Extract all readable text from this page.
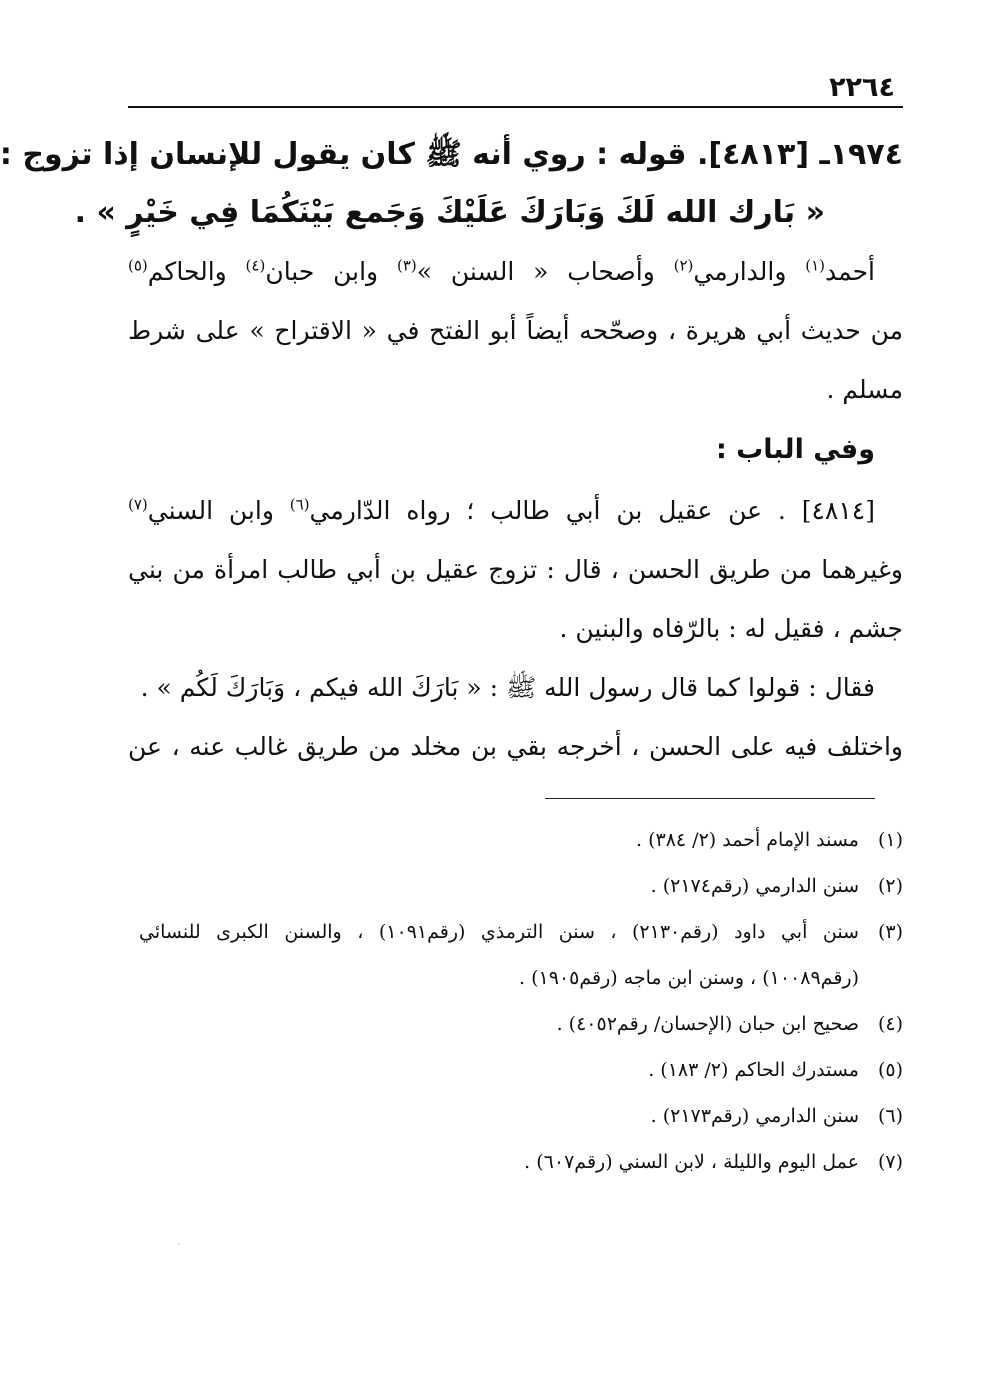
٢٢٦٤
١٩٧٤ـ [٤٨١٣]. قوله : روي أنه ﷺ كان يقول للإنسان إذا تزوج :
« بَارك الله لَكَ وَبَارَكَ عَلَيْكَ وَجَمع بَيْنَكُمَا فِي خَيْرٍ » .
أحمد$^{(١)}$ والدارمي$^{(٢)}$ وأصحاب « السنن »$^{(٣)}$ وابن حبان$^{(٤)}$ والحاكم$^{(٥)}$
من حديث أبي هريرة ، وصحّحه أيضاً أبو الفتح في « الاقتراح » على شرط
مسلم .
وفي الباب :
[٤٨١٤] . عن عقيل بن أبي طالب ؛ رواه الدّارمي$^{(٦)}$ وابن السني$^{(٧)}$
وغيرهما من طريق الحسن ، قال : تزوج عقيل بن أبي طالب امرأة من بني
جشم ، فقيل له : بالرّفاه والبنين .
فقال : قولوا كما قال رسول الله ﷺ : « بَارَكَ الله فيكم ، وَبَارَكَ لَكُم » .
واختلف فيه على الحسن ، أخرجه بقي بن مخلد من طريق غالب عنه ، عن
(١)مسند الإمام أحمد (٢/ ٣٨٤) .
(٢)سنن الدارمي (رقم٢١٧٤) .
(٣)سنن أبي داود (رقم٢١٣٠) ، سنن الترمذي (رقم١٠٩١) ، والسنن الكبرى للنسائي
(رقم١٠٠٨٩) ، وسنن ابن ماجه (رقم١٩٠٥) .
(٤)صحيح ابن حبان (الإحسان/ رقم٤٠٥٢) .
(٥)مستدرك الحاكم (٢/ ١٨٣) .
(٦)سنن الدارمي (رقم٢١٧٣) .
(٧)عمل اليوم والليلة ، لابن السني (رقم٦٠٧) .
